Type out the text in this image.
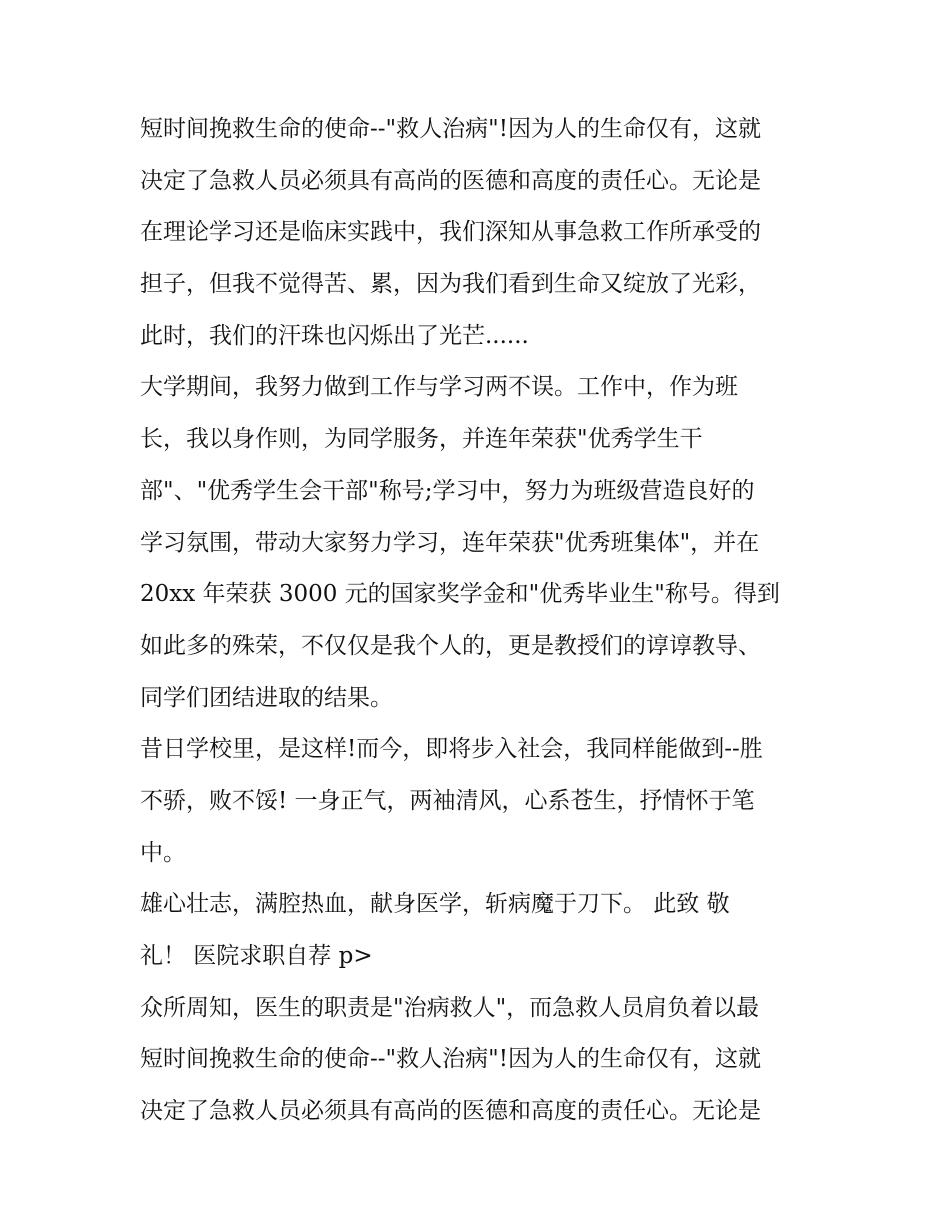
短时间挽救生命的使命--"救人治病"!因为人的生命仅有，这就
决定了急救人员必须具有高尚的医德和高度的责任心。无论是
在理论学习还是临床实践中，我们深知从事急救工作所承受的
担子，但我不觉得苦、累，因为我们看到生命又绽放了光彩，
此时，我们的汗珠也闪烁出了光芒......
大学期间，我努力做到工作与学习两不误。工作中，作为班
长，我以身作则，为同学服务，并连年荣获"优秀学生干
部"、"优秀学生会干部"称号;学习中，努力为班级营造良好的
学习氛围，带动大家努力学习，连年荣获"优秀班集体"，并在
20xx 年荣获 3000 元的国家奖学金和"优秀毕业生"称号。得到
如此多的殊荣，不仅仅是我个人的，更是教授们的谆谆教导、
同学们团结进取的结果。
昔日学校里，是这样!而今，即将步入社会，我同样能做到--胜
不骄，败不馁! 一身正气，两袖清风，心系苍生，抒情怀于笔
中。
雄心壮志，满腔热血，献身医学，斩病魔于刀下。 此致 敬
礼！ 医院求职自荐 p>
众所周知，医生的职责是"治病救人"，而急救人员肩负着以最
短时间挽救生命的使命--"救人治病"!因为人的生命仅有，这就
决定了急救人员必须具有高尚的医德和高度的责任心。无论是
